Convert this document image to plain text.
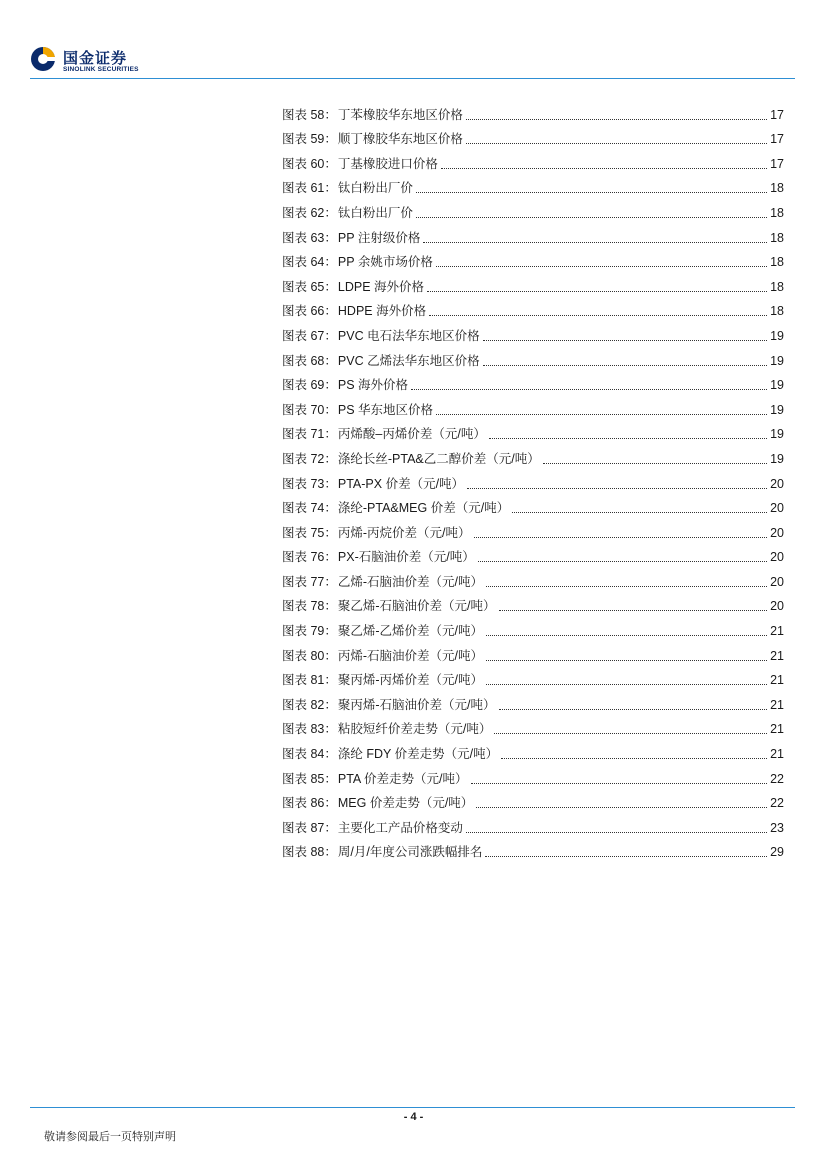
国金证券
SINOLINK SECURITIES
图表 58：丁苯橡胶华东地区价格	17
图表 59：顺丁橡胶华东地区价格	17
图表 60：丁基橡胶进口价格	17
图表 61：钛白粉出厂价	18
图表 62：钛白粉出厂价	18
图表 63：PP 注射级价格	18
图表 64：PP 余姚市场价格	18
图表 65：LDPE 海外价格	18
图表 66：HDPE 海外价格	18
图表 67：PVC 电石法华东地区价格	19
图表 68：PVC 乙烯法华东地区价格	19
图表 69：PS 海外价格	19
图表 70：PS 华东地区价格	19
图表 71：丙烯酸–丙烯价差（元/吨）	19
图表 72：涤纶长丝-PTA&乙二醇价差（元/吨）	19
图表 73：PTA-PX 价差（元/吨）	20
图表 74：涤纶-PTA&MEG 价差（元/吨）	20
图表 75：丙烯-丙烷价差（元/吨）	20
图表 76：PX-石脑油价差（元/吨）	20
图表 77：乙烯-石脑油价差（元/吨）	20
图表 78：聚乙烯-石脑油价差（元/吨）	20
图表 79：聚乙烯-乙烯价差（元/吨）	21
图表 80：丙烯-石脑油价差（元/吨）	21
图表 81：聚丙烯-丙烯价差（元/吨）	21
图表 82：聚丙烯-石脑油价差（元/吨）	21
图表 83：粘胶短纤价差走势（元/吨）	21
图表 84：涤纶 FDY 价差走势（元/吨）	21
图表 85：PTA 价差走势（元/吨）	22
图表 86：MEG 价差走势（元/吨）	22
图表 87：主要化工产品价格变动	23
图表 88：周/月/年度公司涨跌幅排名	29
- 4 -
敬请参阅最后一页特别声明
